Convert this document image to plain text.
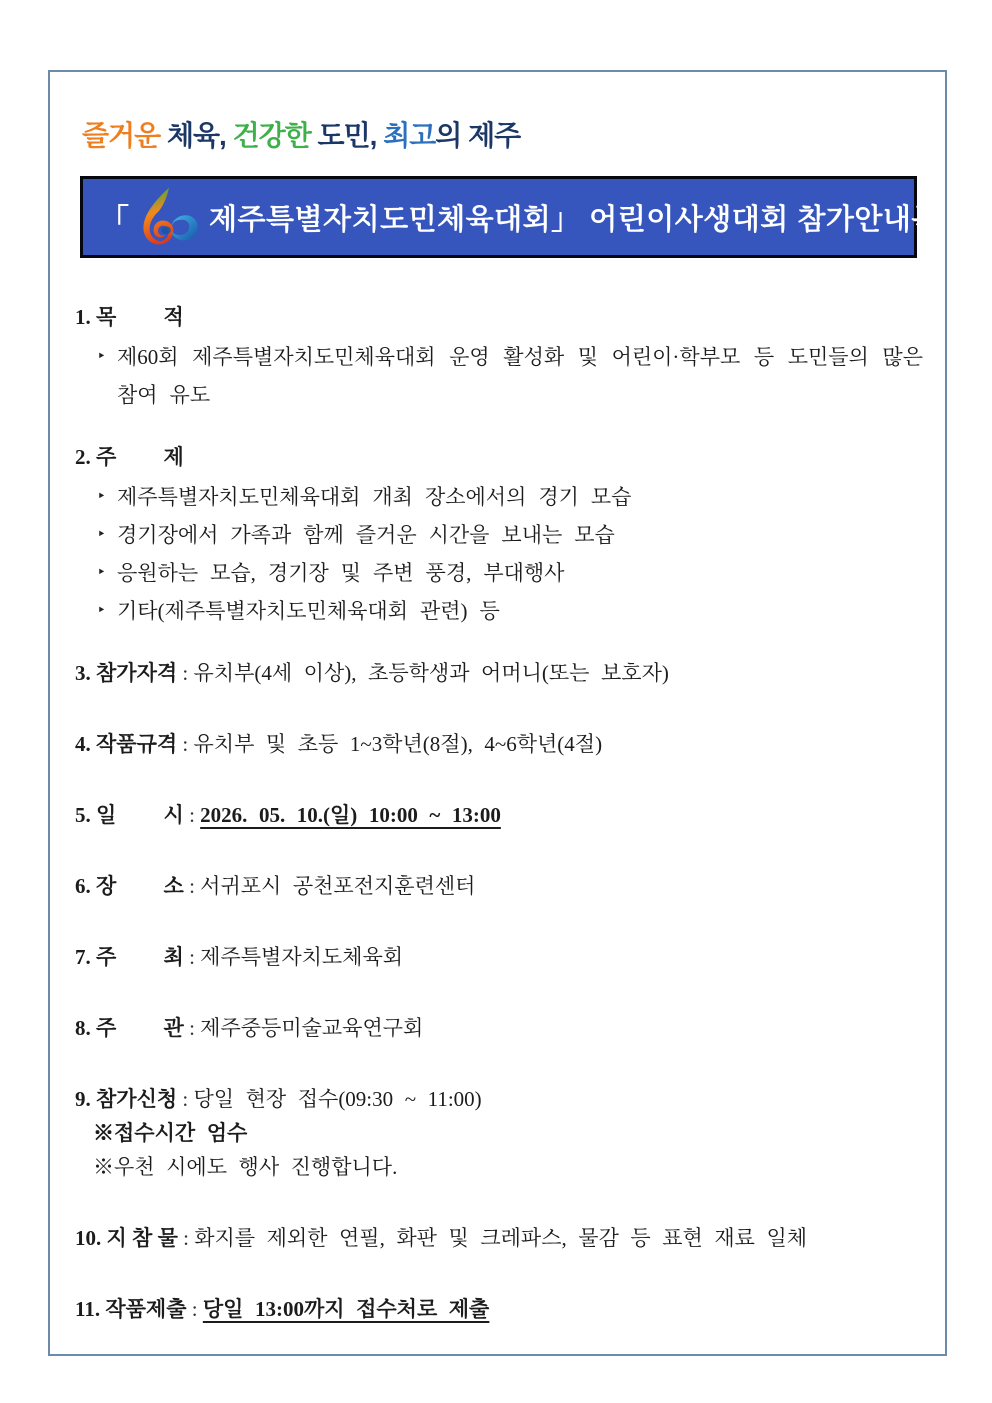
즐거운 체육, 건강한 도민, 최고의 제주
「	제주특별자치도민체육대회」 어린이사생대회 참가안내문
1. 목　　 적
‣ 제60회 제주특별자치도민체육대회 운영 활성화 및 어린이·학부모 등 도민들의 많은 참여 유도
2. 주　　 제
‣ 제주특별자치도민체육대회 개최 장소에서의 경기 모습
‣ 경기장에서 가족과 함께 즐거운 시간을 보내는 모습
‣ 응원하는 모습, 경기장 및 주변 풍경, 부대행사
‣ 기타(제주특별자치도민체육대회 관련) 등
3. 참가자격 : 유치부(4세 이상), 초등학생과 어머니(또는 보호자)
4. 작품규격 : 유치부 및 초등 1~3학년(8절), 4~6학년(4절)
5. 일　　 시 : 2026. 05. 10.(일) 10:00 ~ 13:00
6. 장　　 소 : 서귀포시 공천포전지훈련센터
7. 주　　 최 : 제주특별자치도체육회
8. 주　　 관 : 제주중등미술교육연구회
9. 참가신청 : 당일 현장 접수(09:30 ~ 11:00)
※접수시간 엄수
※우천 시에도 행사 진행합니다.
10. 지 참 물 : 화지를 제외한 연필, 화판 및 크레파스, 물감 등 표현 재료 일체
11. 작품제출 : 당일 13:00까지 접수처로 제출
